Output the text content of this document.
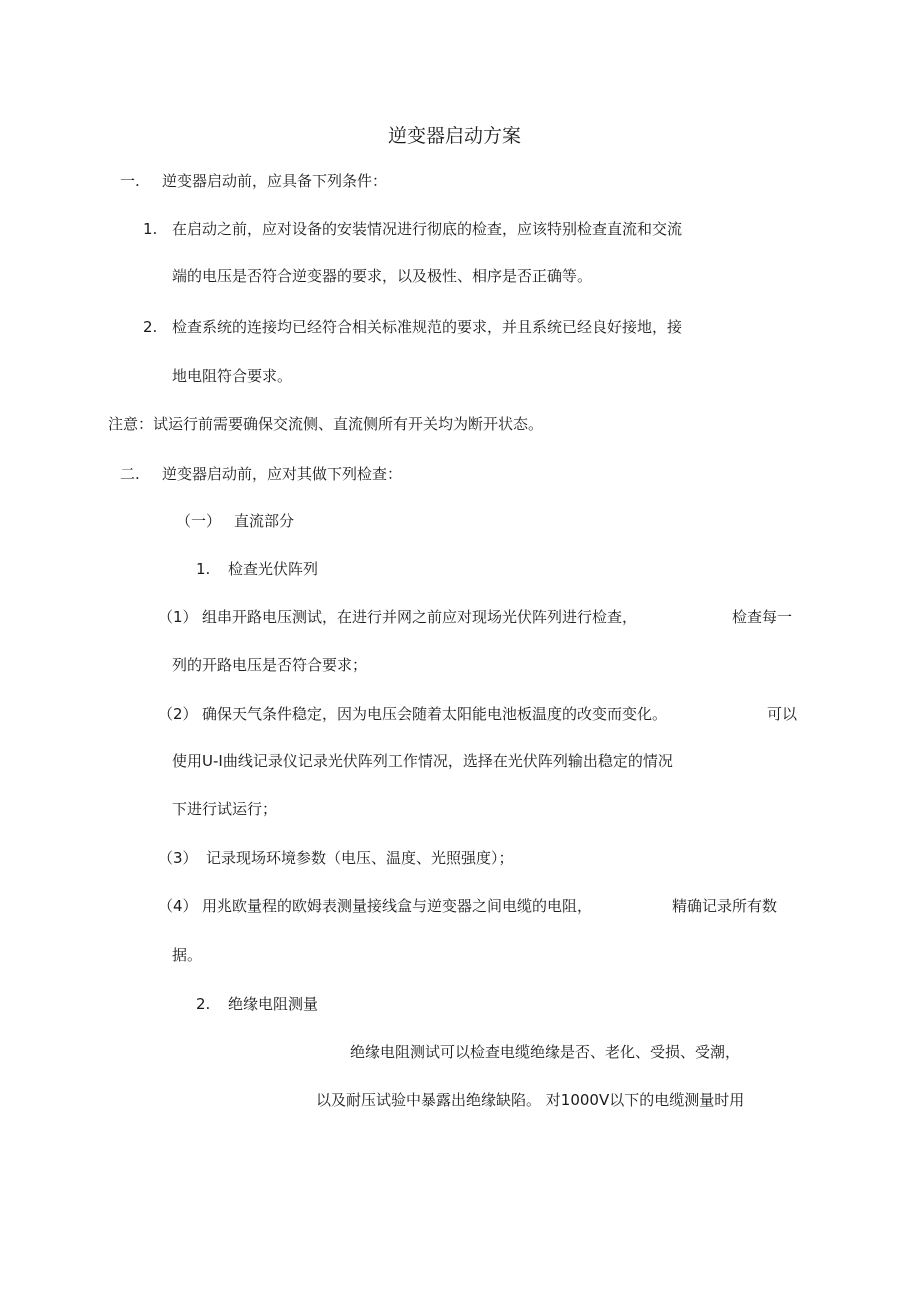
逆变器启动方案
一. 逆变器启动前，应具备下列条件：
1. 在启动之前，应对设备的安装情况进行彻底的检查，应该特别检查直流和交流
端的电压是否符合逆变器的要求，以及极性、相序是否正确等。
2. 检查系统的连接均已经符合相关标准规范的要求，并且系统已经良好接地，接
地电阻符合要求。
注意：试运行前需要确保交流侧、直流侧所有开关均为断开状态。
二. 逆变器启动前，应对其做下列检查：
（一） 直流部分
1. 检查光伏阵列
（1） 组串开路电压测试，在进行并网之前应对现场光伏阵列进行检查，	检查每一
列的开路电压是否符合要求；
（2） 确保天气条件稳定，因为电压会随着太阳能电池板温度的改变而变化。	可以
使用U-I曲线记录仪记录光伏阵列工作情况，选择在光伏阵列输出稳定的情况
下进行试运行；
（3） 记录现场环境参数（电压、温度、光照强度）；
（4） 用兆欧量程的欧姆表测量接线盒与逆变器之间电缆的电阻，	精确记录所有数
据。
2. 绝缘电阻测量
绝缘电阻测试可以检查电缆绝缘是否、老化、受损、受潮，
以及耐压试验中暴露出绝缘缺陷。 对1000V以下的电缆测量时用
